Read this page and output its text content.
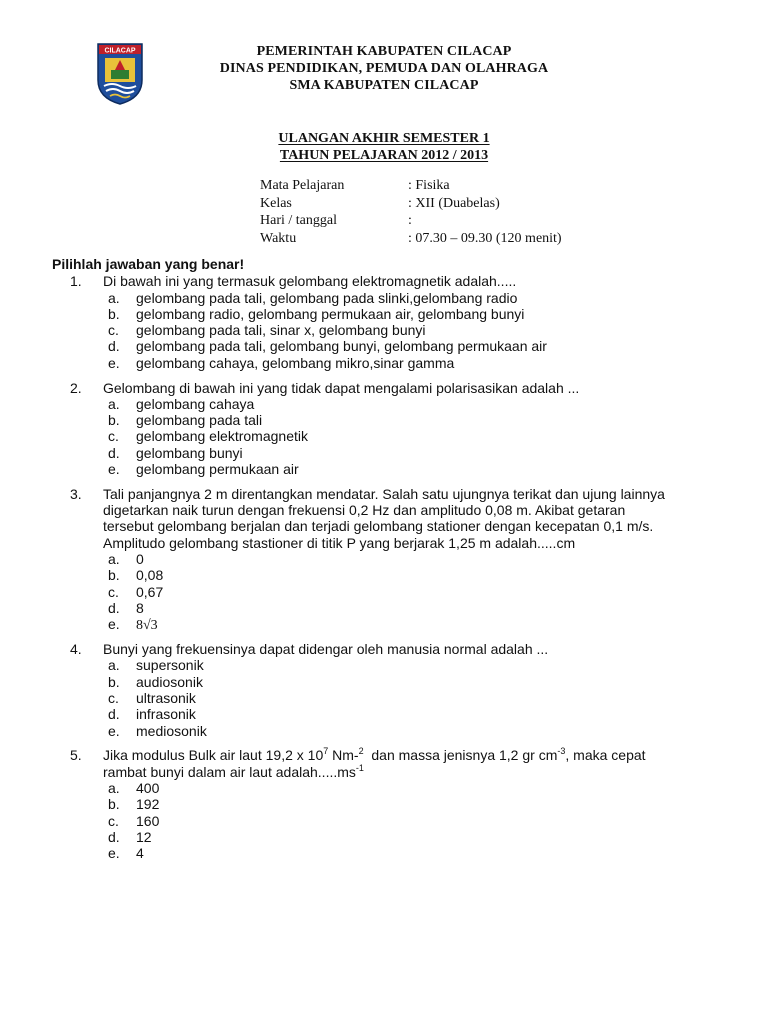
CILACAP	PEMERINTAH KABUPATEN CILACAP
DINAS PENDIDIKAN, PEMUDA DAN OLAHRAGA
SMA KABUPATEN CILACAP
ULANGAN AKHIR SEMESTER 1
TAHUN PELAJARAN 2012 / 2013
Mata Pelajaran	: Fisika
Kelas	: XII (Duabelas)
Hari / tanggal	:
Waktu	: 07.30 – 09.30 (120 menit)
Pilihlah jawaban yang benar!
1.	Di bawah ini yang termasuk gelombang elektromagnetik adalah.....
a. gelombang pada tali, gelombang pada slinki,gelombang radio
b. gelombang radio, gelombang permukaan air, gelombang bunyi
c. gelombang pada tali, sinar x, gelombang bunyi
d. gelombang pada tali, gelombang bunyi, gelombang permukaan air
e. gelombang cahaya, gelombang mikro,sinar gamma
2.	Gelombang di bawah ini yang tidak dapat mengalami polarisasikan adalah ...
a. gelombang cahaya
b. gelombang pada tali
c. gelombang elektromagnetik
d. gelombang bunyi
e. gelombang permukaan air
3.	Tali panjangnya 2 m direntangkan mendatar. Salah satu ujungnya terikat dan ujung lainnya
digetarkan naik turun dengan frekuensi 0,2 Hz dan amplitudo 0,08 m. Akibat getaran
tersebut gelombang berjalan dan terjadi gelombang stationer dengan kecepatan 0,1 m/s.
Amplitudo gelombang stastioner di titik P yang berjarak 1,25 m adalah.....cm
a. 0
b. 0,08
c. 0,67
d. 8
e. 8√3
4.	Bunyi yang frekuensinya dapat didengar oleh manusia normal adalah ...
a. supersonik
b. audiosonik
c. ultrasonik
d. infrasonik
e. mediosonik
5.	Jika modulus Bulk air laut 19,2 x $10^7$ Nm-$^2$  dan massa jenisnya 1,2 gr $cm^{-3}$, maka cepat
rambat bunyi dalam air laut $adalah.....ms^{-1}$
a. 400
b. 192
c. 160
d. 12
e. 4
